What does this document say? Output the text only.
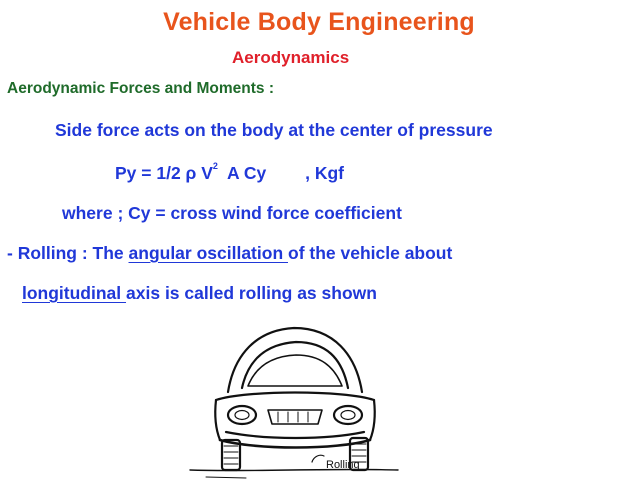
Vehicle Body Engineering
Aerodynamics
Aerodynamic Forces and Moments :
Side force acts on the body at the center of pressure
Py = 1/2 ρ $V^2$  A Cy        , Kgf
where ; Cy = cross wind force coefficient
- Rolling : The angular oscillation of the vehicle about
longitudinal axis is called rolling as shown
Rolling
